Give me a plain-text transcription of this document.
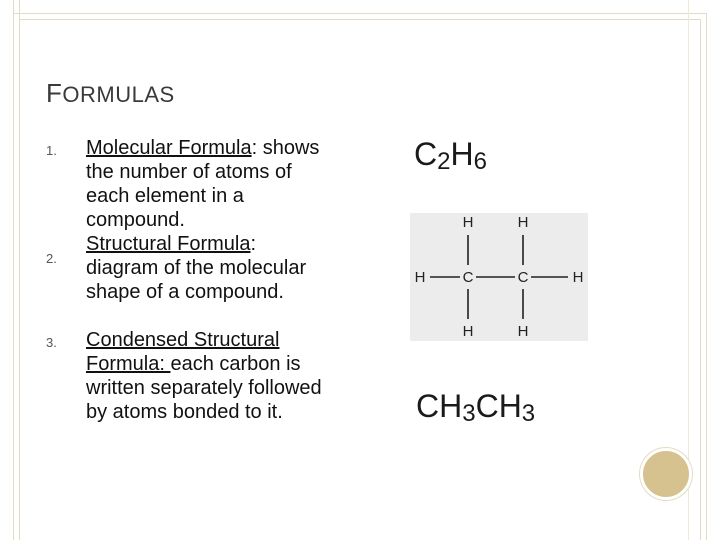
FORMULAS
1. Molecular Formula: shows the number of atoms of each element in a compound.
2.
Structural Formula: diagram of the molecular shape of a compound.
3. Condensed Structural Formula: each carbon is written separately followed by atoms bonded to it.
$C_2H_6$
H	H
H C	C	H
H	H
$CH_3CH_3$
